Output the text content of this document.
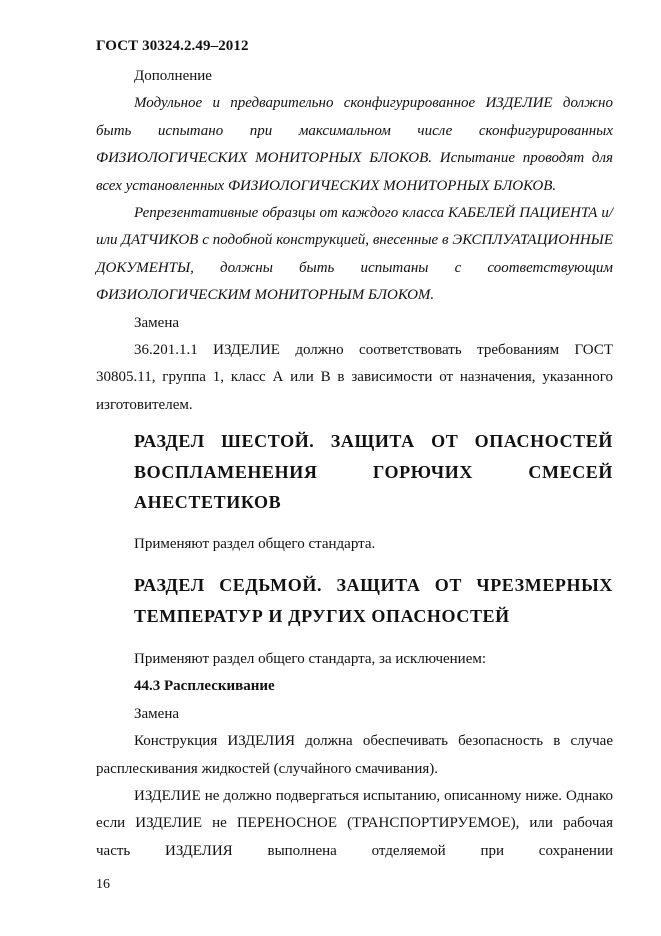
ГОСТ 30324.2.49–2012

Дополнение

Модульное и предварительно сконфигурированное ИЗДЕЛИЕ должно быть испытано при максимальном числе сконфигурированных ФИЗИОЛОГИЧЕСКИХ МОНИТОРНЫХ БЛОКОВ. Испытание проводят для всех установленных ФИЗИОЛОГИЧЕСКИХ МОНИТОРНЫХ БЛОКОВ.

Репрезентативные образцы от каждого класса КАБЕЛЕЙ ПАЦИЕНТА и/или ДАТЧИКОВ с подобной конструкцией, внесенные в ЭКСПЛУАТАЦИОННЫЕ ДОКУМЕНТЫ, должны быть испытаны с соответствующим ФИЗИОЛОГИЧЕСКИМ МОНИТОРНЫМ БЛОКОМ.

Замена

36.201.1.1 ИЗДЕЛИЕ должно соответствовать требованиям ГОСТ 30805.11, группа 1, класс А или В в зависимости от назначения, указанного изготовителем.

РАЗДЕЛ ШЕСТОЙ. ЗАЩИТА ОТ ОПАСНОСТЕЙ
ВОСПЛАМЕНЕНИЯ ГОРЮЧИХ СМЕСЕЙ
АНЕСТЕТИКОВ

Применяют раздел общего стандарта.

РАЗДЕЛ СЕДЬМОЙ. ЗАЩИТА ОТ ЧРЕЗМЕРНЫХ
ТЕМПЕРАТУР И ДРУГИХ ОПАСНОСТЕЙ

Применяют раздел общего стандарта, за исключением:

44.3 Расплескивание

Замена

Конструкция ИЗДЕЛИЯ должна обеспечивать безопасность в случае расплескивания жидкостей (случайного смачивания).

ИЗДЕЛИЕ не должно подвергаться испытанию, описанному ниже. Однако если ИЗДЕЛИЕ не ПЕРЕНОСНОЕ (ТРАНСПОРТИРУЕМОЕ), или рабочая часть ИЗДЕЛИЯ выполнена отделяемой при сохранении

16
